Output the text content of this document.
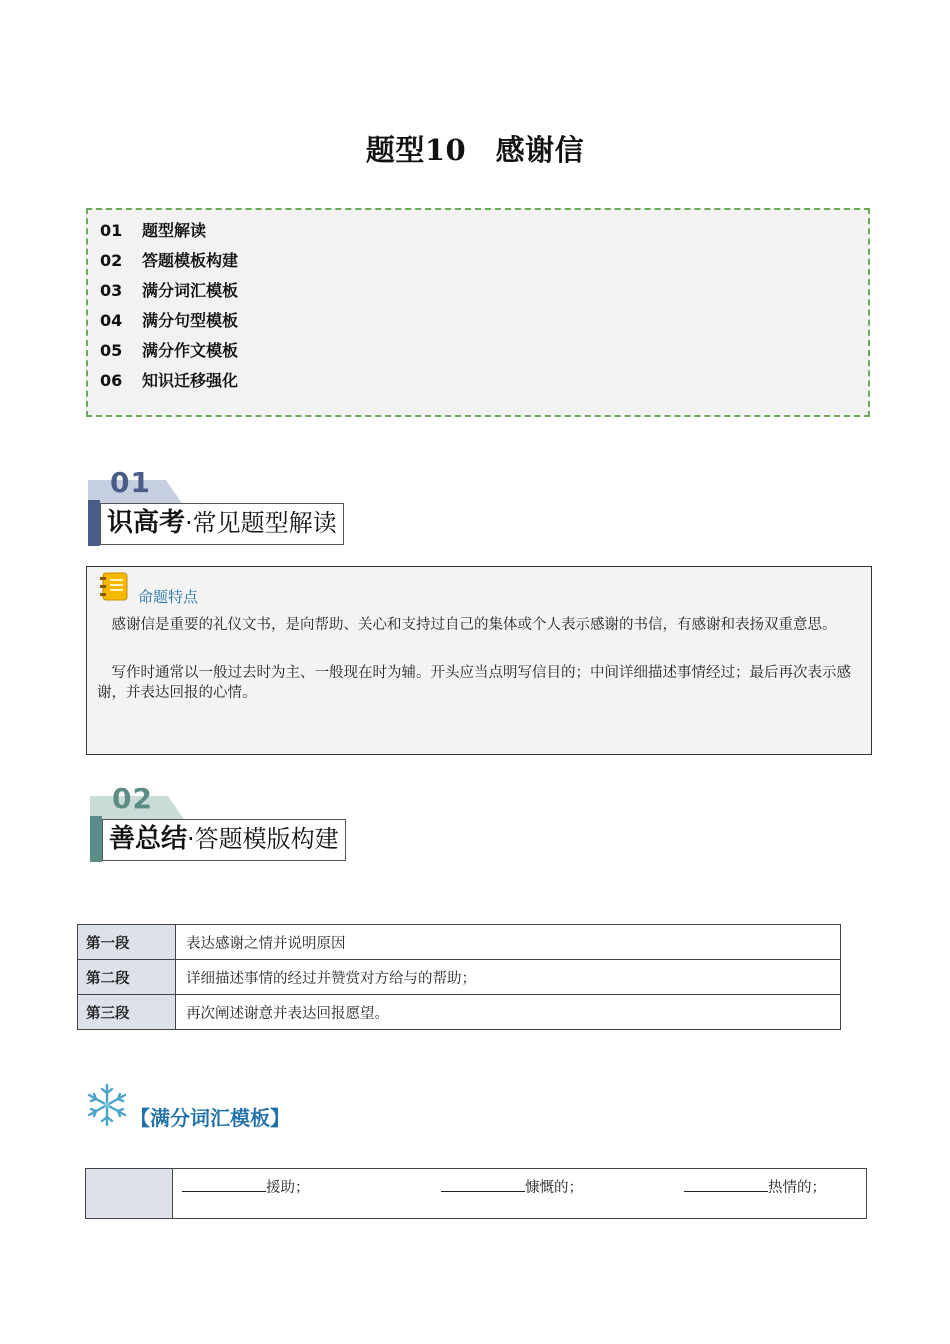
题型10　感谢信
01 题型解读
02 答题模板构建
03 满分词汇模板
04 满分句型模板
05 满分作文模板
06 知识迁移强化
01
识高考·常见题型解读
命题特点

感谢信是重要的礼仪文书，是向帮助、关心和支持过自己的集体或个人表示感谢的书信，有感谢和表扬双重意思。

写作时通常以一般过去时为主、一般现在时为辅。开头应当点明写信目的；中间详细描述事情经过；最后再次表示感谢，并表达回报的心情。

02
善总结·答题模版构建
第一段	表达感谢之情并说明原因
第二段	详细描述事情的经过并赞赏对方给与的帮助；
第三段	再次阐述谢意并表达回报愿望。
【满分词汇模板】
援助；	慷慨的；	热情的；
